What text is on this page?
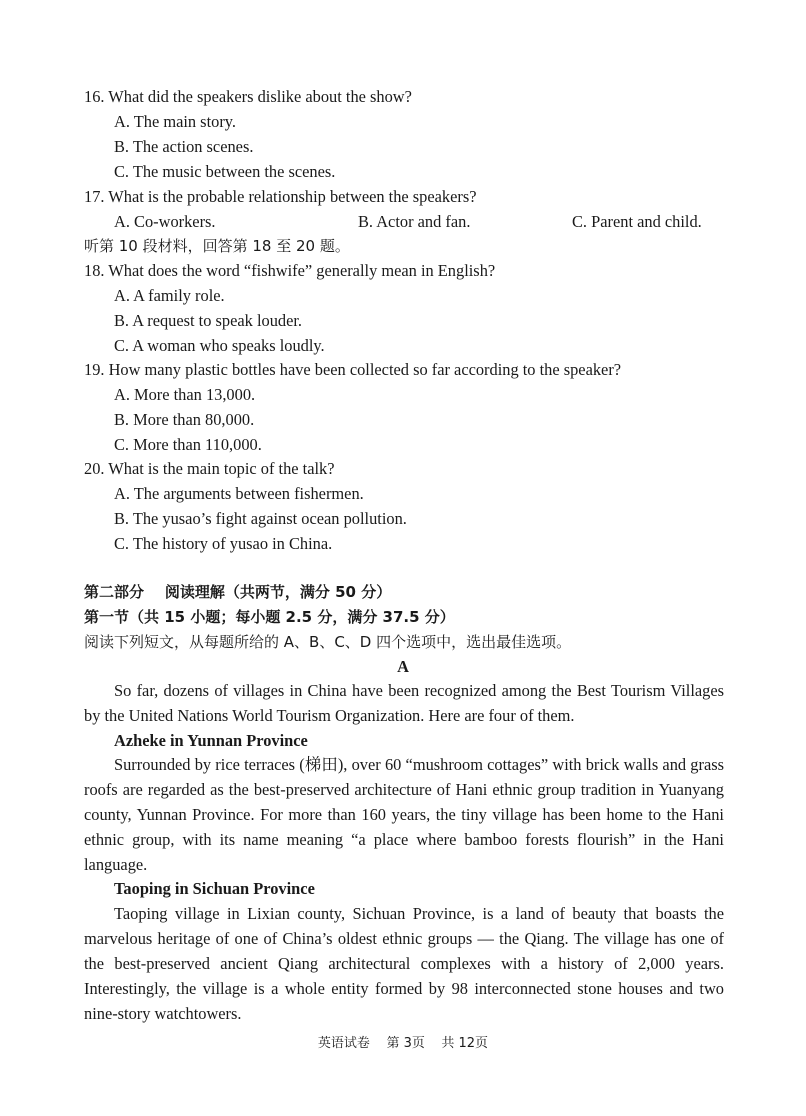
16. What did the speakers dislike about the show?
A. The main story.
B. The action scenes.
C. The music between the scenes.
17. What is the probable relationship between the speakers?
A. Co-workers.	B. Actor and fan.	C. Parent and child.
听第 10 段材料，回答第 18 至 20 题。
18. What does the word “fishwife” generally mean in English?
A. A family role.
B. A request to speak louder.
C. A woman who speaks loudly.
19. How many plastic bottles have been collected so far according to the speaker?
A. More than 13,000.
B. More than 80,000.
C. More than 110,000.
20. What is the main topic of the talk?
A. The arguments between fishermen.
B. The yusao’s fight against ocean pollution.
C. The history of yusao in China.
第二部分    阅读理解（共两节，满分 50 分）
第一节（共 15 小题；每小题 2.5 分，满分 37.5 分）
阅读下列短文，从每题所给的 A、B、C、D 四个选项中，选出最佳选项。
A
So far, dozens of villages in China have been recognized among the Best Tourism Villages by the United Nations World Tourism Organization. Here are four of them.
Azheke in Yunnan Province
Surrounded by rice terraces (梯田), over 60 “mushroom cottages” with brick walls and grass roofs are regarded as the best-preserved architecture of Hani ethnic group tradition in Yuanyang county, Yunnan Province. For more than 160 years, the tiny village has been home to the Hani ethnic group, with its name meaning “a place where bamboo forests flourish” in the Hani language.
Taoping in Sichuan Province
Taoping village in Lixian county, Sichuan Province, is a land of beauty that boasts the marvelous heritage of one of China’s oldest ethnic groups — the Qiang. The village has one of the best-preserved ancient Qiang architectural complexes with a history of 2,000 years. Interestingly, the village is a whole entity formed by 98 interconnected stone houses and two nine-story watchtowers.
英语试卷    第 3页    共 12页
